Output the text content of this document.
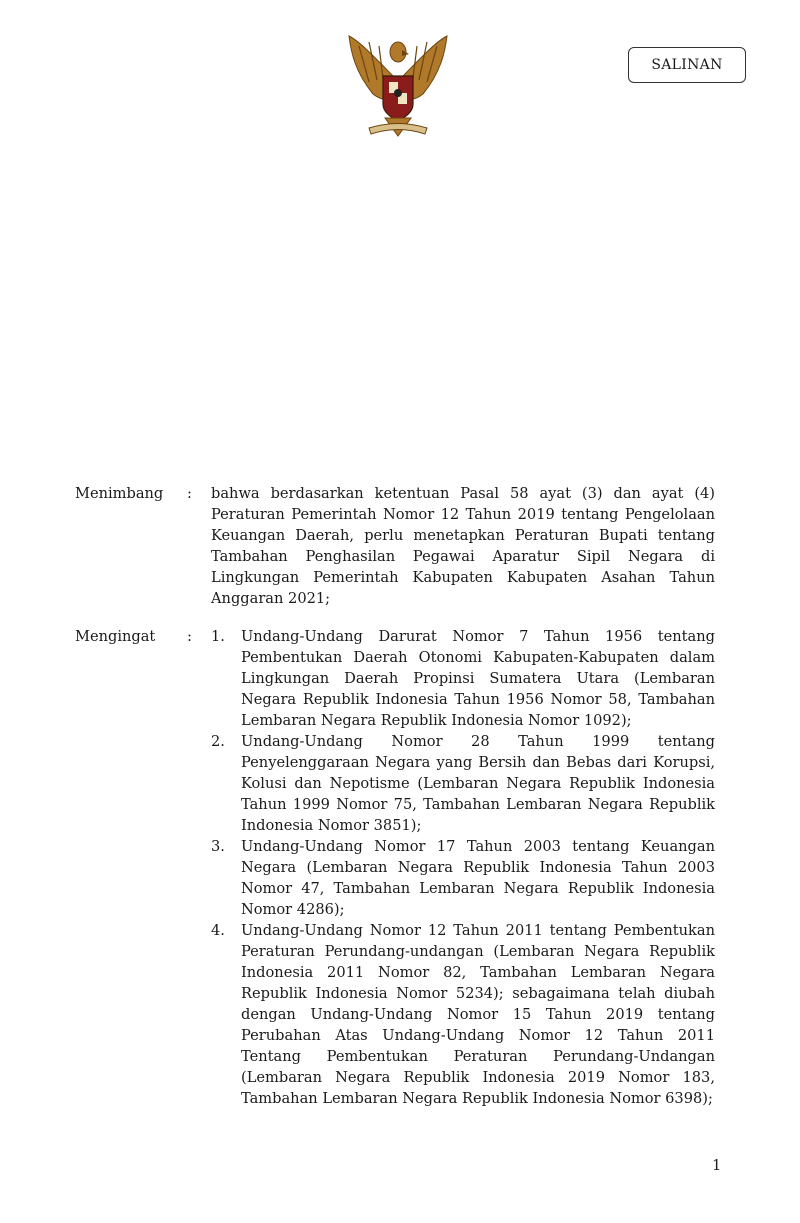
SALINAN
Menimbang : bahwa berdasarkan ketentuan Pasal 58 ayat (3) dan ayat (4) Peraturan Pemerintah Nomor 12 Tahun 2019 tentang Pengelolaan Keuangan Daerah, perlu menetapkan Peraturan Bupati tentang Tambahan Penghasilan Pegawai Aparatur Sipil Negara di Lingkungan Pemerintah Kabupaten Kabupaten Asahan Tahun Anggaran 2021;
Mengingat : 1. Undang-Undang Darurat Nomor 7 Tahun 1956 tentang Pembentukan Daerah Otonomi Kabupaten-Kabupaten dalam Lingkungan Daerah Propinsi Sumatera Utara (Lembaran Negara Republik Indonesia Tahun 1956 Nomor 58, Tambahan Lembaran Negara Republik Indonesia Nomor 1092);
2. Undang-Undang Nomor 28 Tahun 1999 tentang Penyelenggaraan Negara yang Bersih dan Bebas dari Korupsi, Kolusi dan Nepotisme (Lembaran Negara Republik Indonesia Tahun 1999 Nomor 75, Tambahan Lembaran Negara Republik Indonesia Nomor 3851);
3. Undang-Undang Nomor 17 Tahun 2003 tentang Keuangan Negara (Lembaran Negara Republik Indonesia Tahun 2003 Nomor 47, Tambahan Lembaran Negara Republik Indonesia Nomor 4286);
4. Undang-Undang Nomor 12 Tahun 2011 tentang Pembentukan Peraturan Perundang-undangan (Lembaran Negara Republik Indonesia 2011 Nomor 82, Tambahan Lembaran Negara Republik Indonesia Nomor 5234); sebagaimana telah diubah dengan Undang-Undang Nomor 15 Tahun 2019 tentang Perubahan Atas Undang-Undang Nomor 12 Tahun 2011 Tentang Pembentukan Peraturan Perundang-Undangan (Lembaran Negara Republik Indonesia 2019 Nomor 183, Tambahan Lembaran Negara Republik Indonesia Nomor 6398);
1
